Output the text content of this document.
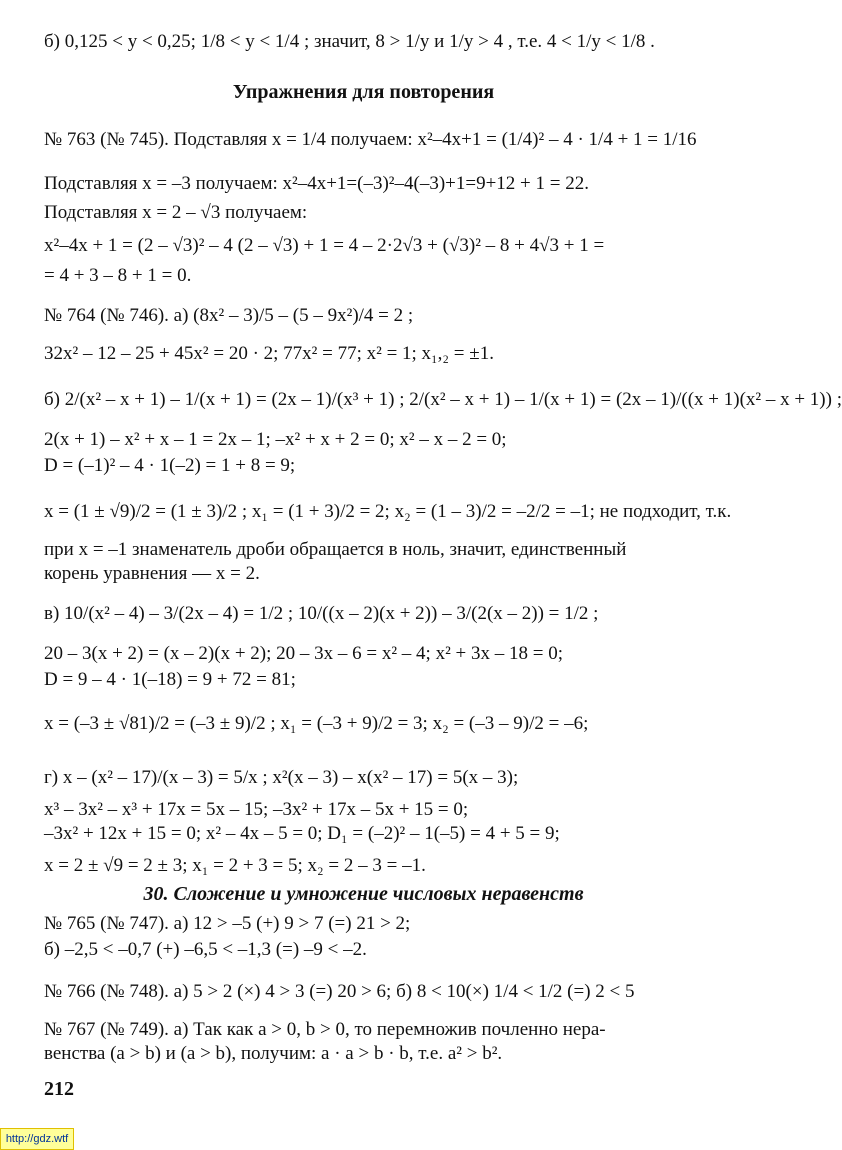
б) 0,125 < y < 0,25; 1/8 < y < 1/4 ; значит, 8 > 1/y и 1/y > 4 , т.е. 4 < 1/y < 1/8 .
Упражнения для повторения
№ 763 (№ 745). Подставляя x = 1/4 получаем: x²–4x+1 = (1/4)² – 4 · 1/4 + 1 = 1/16
Подставляя x = –3 получаем: x²–4x+1=(–3)²–4(–3)+1=9+12 + 1 = 22.
Подставляя x = 2 – √3 получаем:
x²–4x + 1 = (2 – √3)² – 4 (2 – √3) + 1 = 4 – 2·2√3 + (√3)² – 8 + 4√3 + 1 =
= 4 + 3 – 8 + 1 = 0.
№ 764 (№ 746). а) (8x² – 3)/5 – (5 – 9x²)/4 = 2 ;
32x² – 12 – 25 + 45x² = 20 · 2; 77x² = 77; x² = 1; x₁,₂ = ±1.
б) 2/(x² – x + 1) – 1/(x + 1) = (2x – 1)/(x³ + 1) ; 2/(x² – x + 1) – 1/(x + 1) = (2x – 1)/((x + 1)(x² – x + 1)) ;
2(x + 1) – x² + x – 1 = 2x – 1; –x² + x + 2 = 0; x² – x – 2 = 0;
D = (–1)² – 4 · 1(–2) = 1 + 8 = 9;
x = (1 ± √9)/2 = (1 ± 3)/2 ; x₁ = (1 + 3)/2 = 2; x₂ = (1 – 3)/2 = –2/2 = –1; не подходит, т.к.
при x = –1 знаменатель дроби обращается в ноль, значит, единственный
корень уравнения — x = 2.
в) 10/(x² – 4) – 3/(2x – 4) = 1/2 ; 10/((x – 2)(x + 2)) – 3/(2(x – 2)) = 1/2 ;
20 – 3(x + 2) = (x – 2)(x + 2); 20 – 3x – 6 = x² – 4; x² + 3x – 18 = 0;
D = 9 – 4 · 1(–18) = 9 + 72 = 81;
x = (–3 ± √81)/2 = (–3 ± 9)/2 ; x₁ = (–3 + 9)/2 = 3; x₂ = (–3 – 9)/2 = –6;
г) x – (x² – 17)/(x – 3) = 5/x ; x²(x – 3) – x(x² – 17) = 5(x – 3);
x³ – 3x² – x³ + 17x = 5x – 15; –3x² + 17x – 5x + 15 = 0;
–3x² + 12x + 15 = 0; x² – 4x – 5 = 0; D₁ = (–2)² – 1(–5) = 4 + 5 = 9;
x = 2 ± √9 = 2 ± 3; x₁ = 2 + 3 = 5; x₂ = 2 – 3 = –1.
30. Сложение и умножение числовых неравенств
№ 765 (№ 747). а) 12 > –5 (+) 9 > 7 (=) 21 > 2;
б) –2,5 < –0,7 (+) –6,5 < –1,3 (=) –9 < –2.
№ 766 (№ 748). а) 5 > 2 (×) 4 > 3 (=) 20 > 6; б) 8 < 10(×) 1/4 < 1/2 (=) 2 < 5
№ 767 (№ 749). а) Так как a > 0, b > 0, то перемножив почленно нера-
венства (a > b) и (a > b), получим: a · a > b · b, т.е. a² > b².
212
http://gdz.wtf
